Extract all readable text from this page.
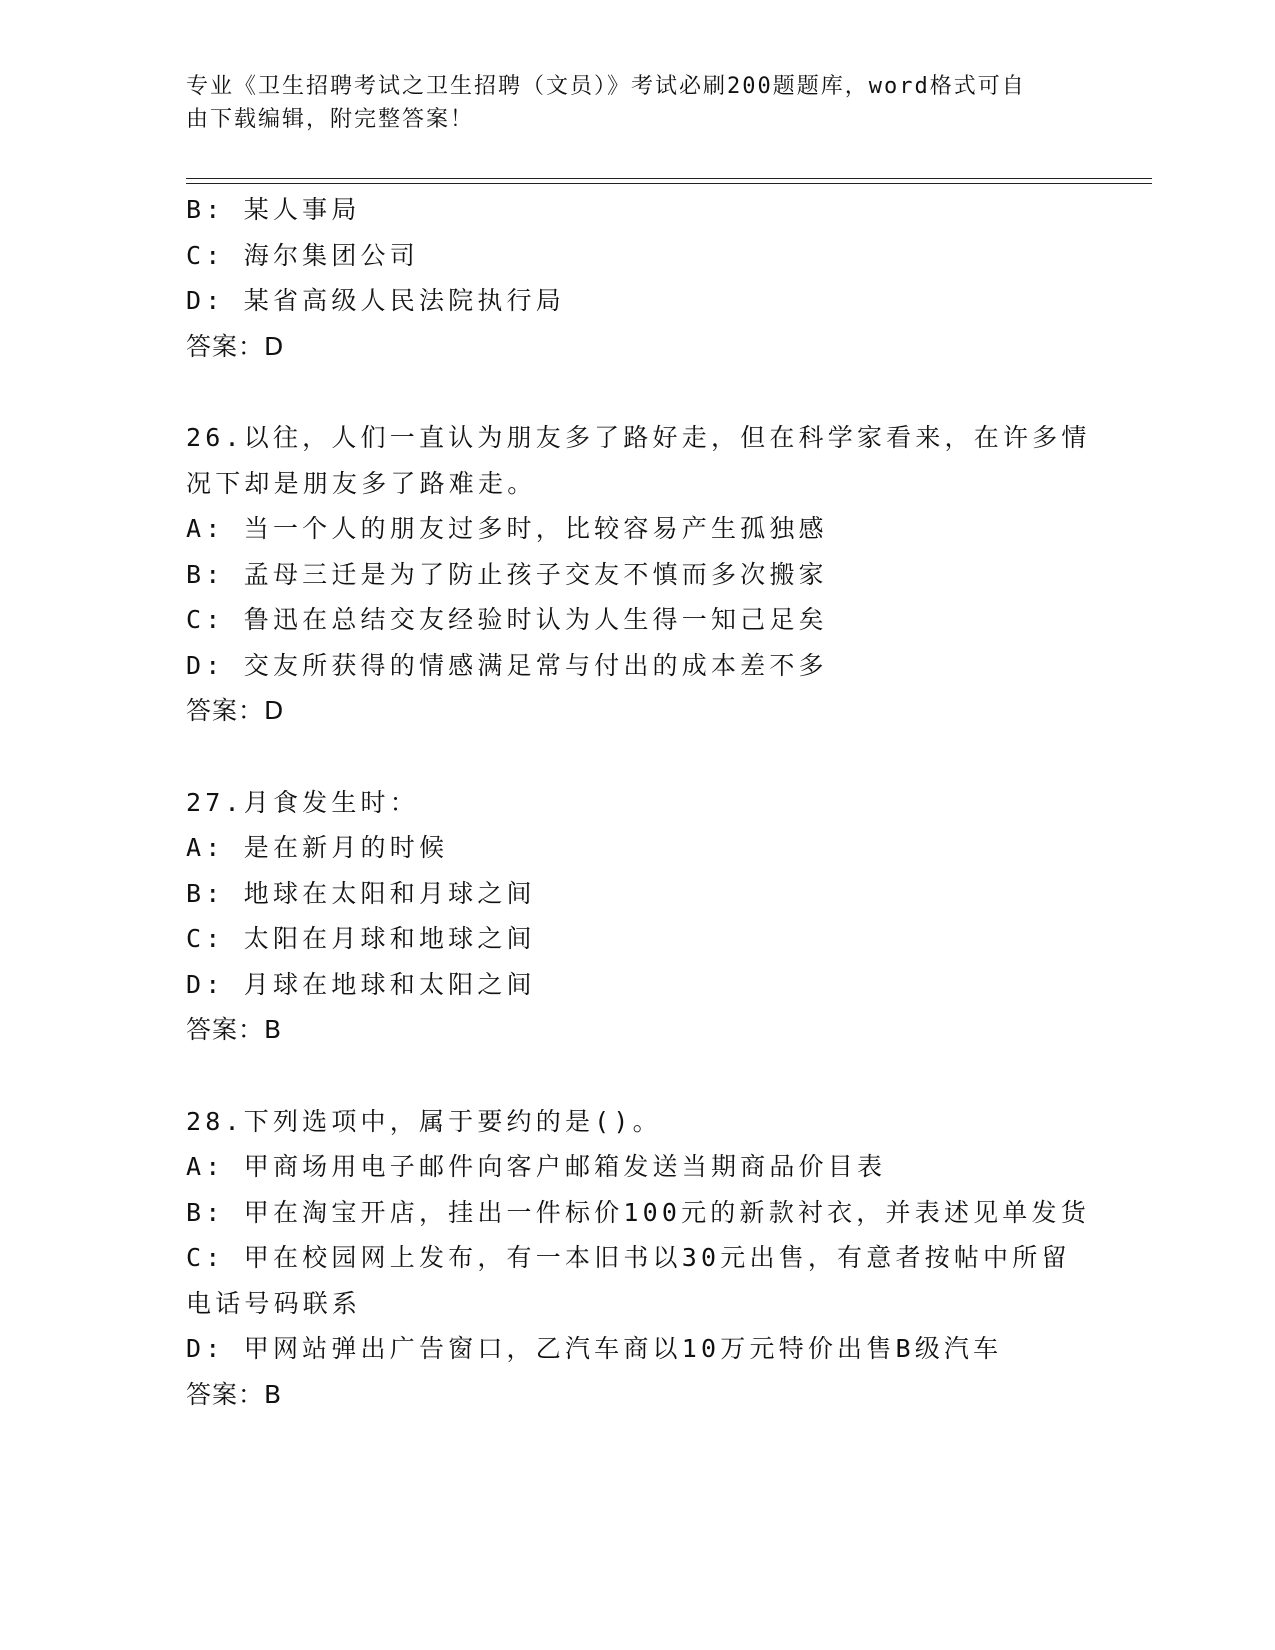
专业《卫生招聘考试之卫生招聘（文员）》考试必刷200题题库，word格式可自
由下载编辑，附完整答案！
B: 某人事局
C: 海尔集团公司
D: 某省高级人民法院执行局
答案：D
26.以往，人们一直认为朋友多了路好走，但在科学家看来，在许多情
况下却是朋友多了路难走。
A: 当一个人的朋友过多时，比较容易产生孤独感
B: 孟母三迁是为了防止孩子交友不慎而多次搬家
C: 鲁迅在总结交友经验时认为人生得一知己足矣
D: 交友所获得的情感满足常与付出的成本差不多
答案：D
27.月食发生时：
A: 是在新月的时候
B: 地球在太阳和月球之间
C: 太阳在月球和地球之间
D: 月球在地球和太阳之间
答案：B
28.下列选项中，属于要约的是()。
A: 甲商场用电子邮件向客户邮箱发送当期商品价目表
B: 甲在淘宝开店，挂出一件标价100元的新款衬衣，并表述见单发货
C: 甲在校园网上发布，有一本旧书以30元出售，有意者按帖中所留
电话号码联系
D: 甲网站弹出广告窗口，乙汽车商以10万元特价出售B级汽车
答案：B
